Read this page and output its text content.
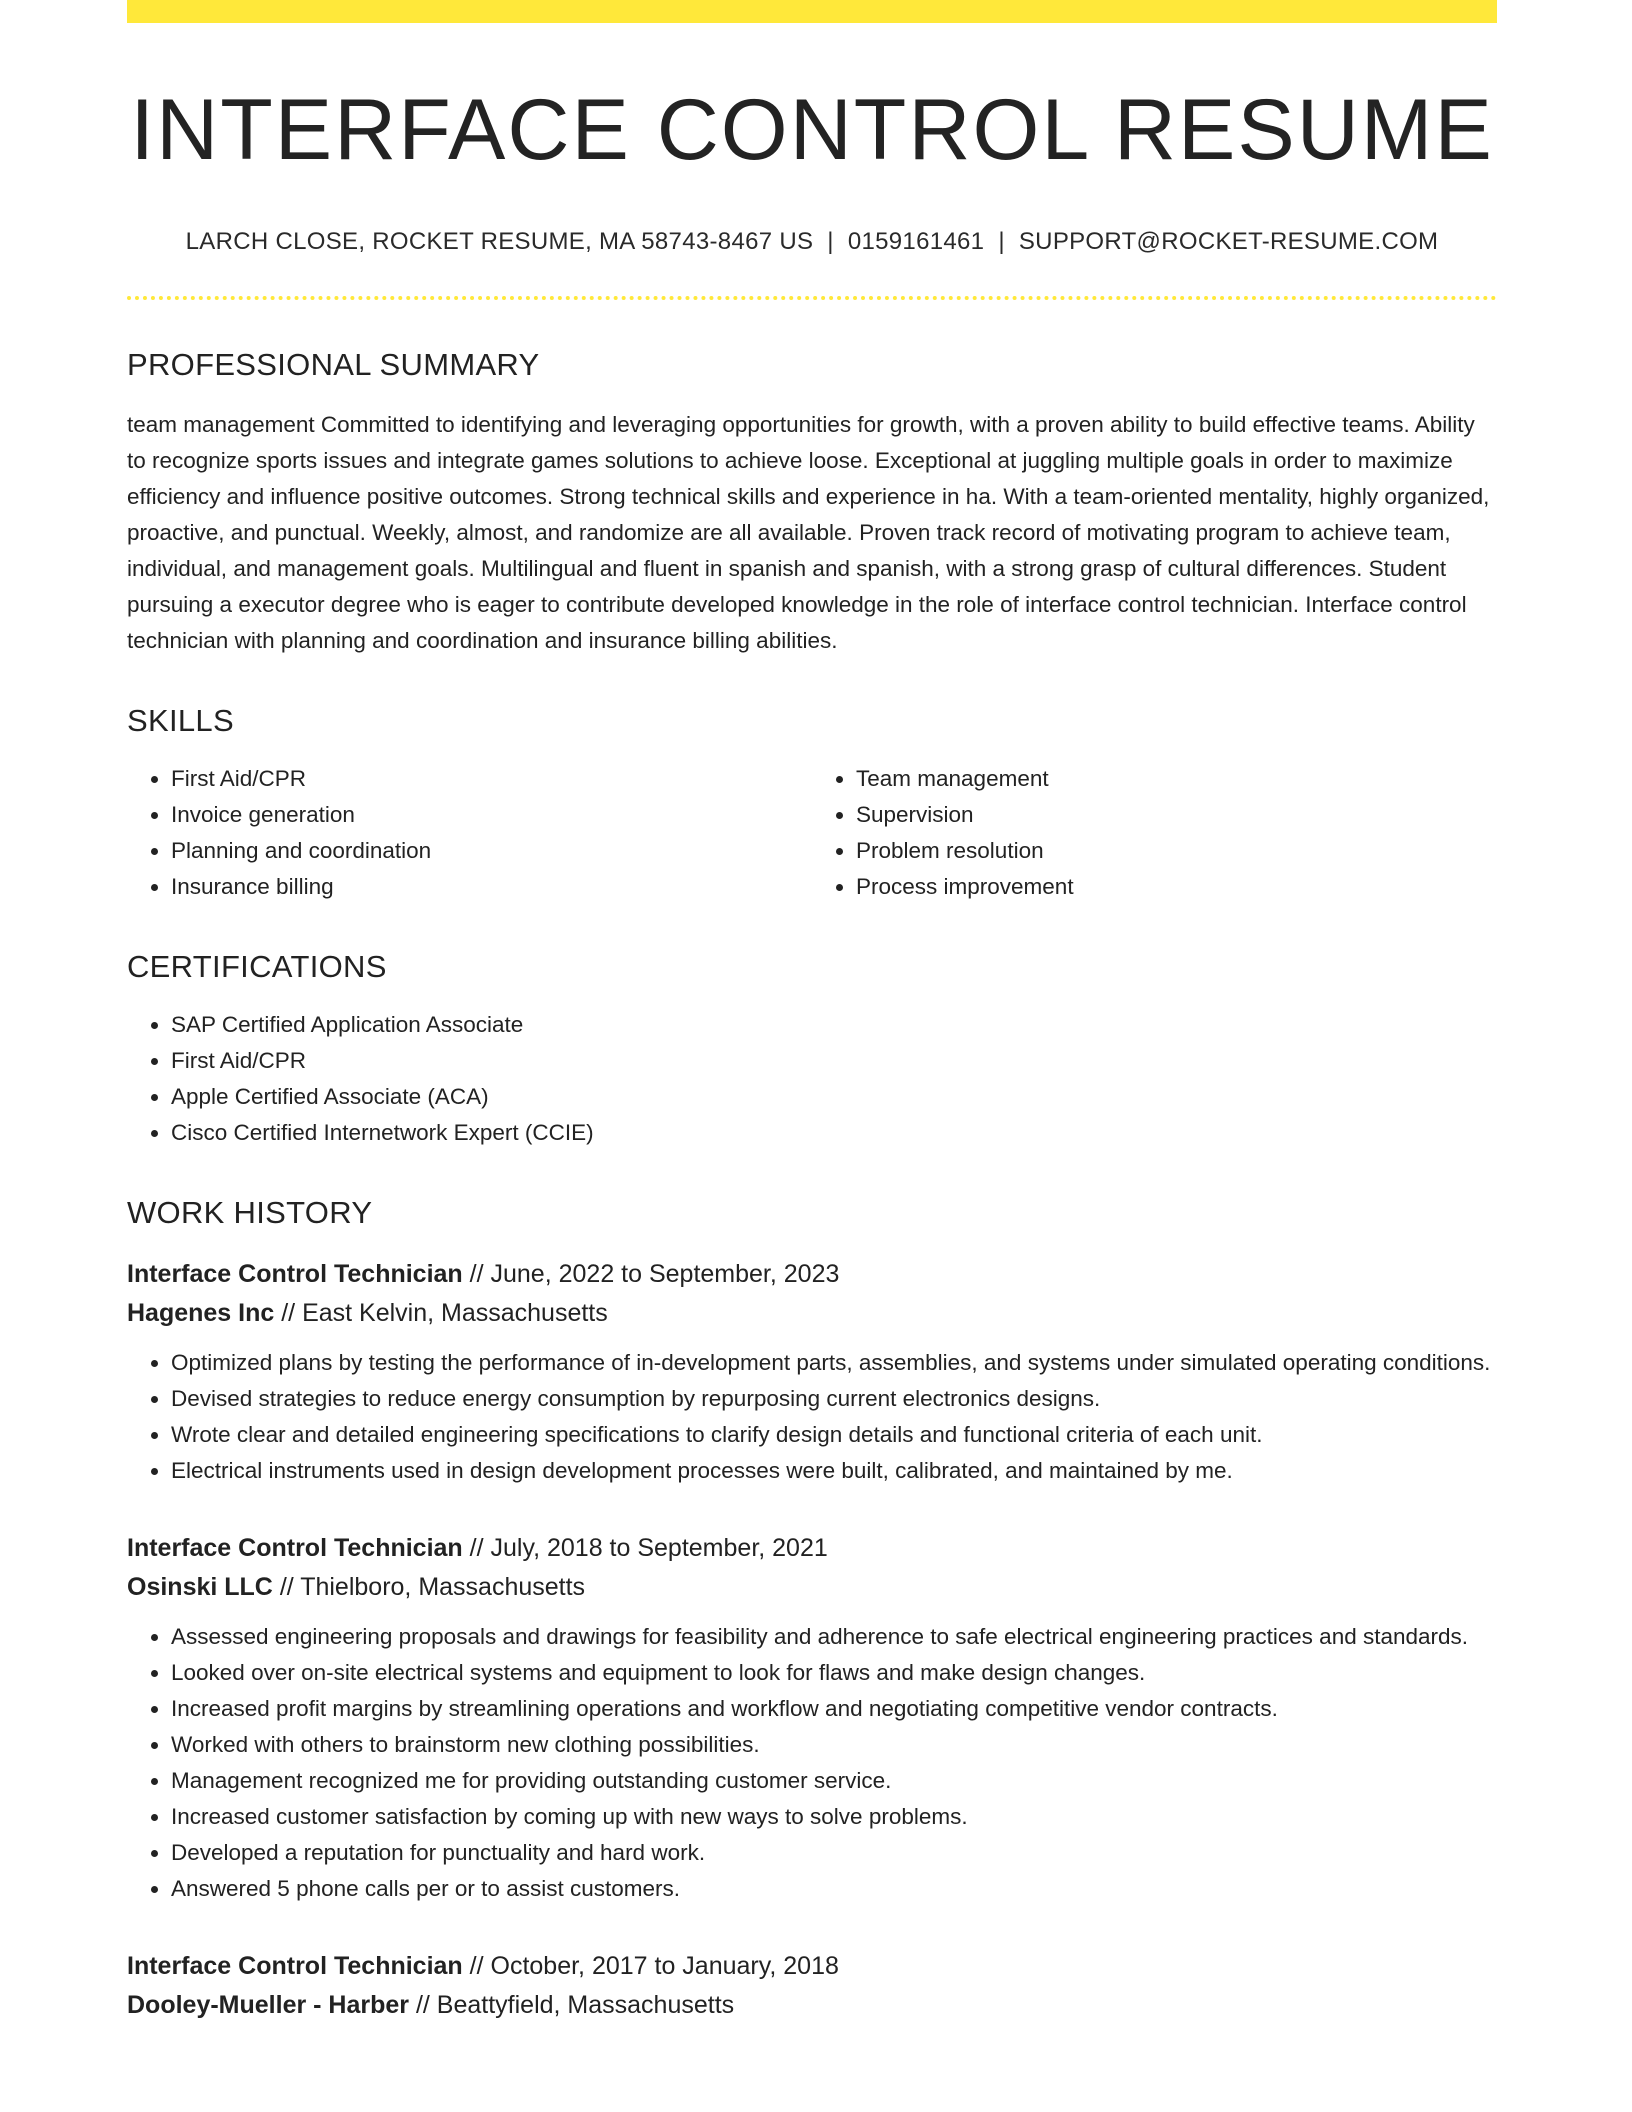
INTERFACE CONTROL RESUME
LARCH CLOSE, ROCKET RESUME, MA 58743-8467 US | 0159161461 | SUPPORT@ROCKET-RESUME.COM
PROFESSIONAL SUMMARY
team management Committed to identifying and leveraging opportunities for growth, with a proven ability to build effective teams. Ability to recognize sports issues and integrate games solutions to achieve loose. Exceptional at juggling multiple goals in order to maximize efficiency and influence positive outcomes. Strong technical skills and experience in ha. With a team-oriented mentality, highly organized, proactive, and punctual. Weekly, almost, and randomize are all available. Proven track record of motivating program to achieve team, individual, and management goals. Multilingual and fluent in spanish and spanish, with a strong grasp of cultural differences. Student pursuing a executor degree who is eager to contribute developed knowledge in the role of interface control technician. Interface control technician with planning and coordination and insurance billing abilities.
SKILLS
• First Aid/CPR
• Invoice generation
• Planning and coordination
• Insurance billing
• Team management
• Supervision
• Problem resolution
• Process improvement
CERTIFICATIONS
• SAP Certified Application Associate
• First Aid/CPR
• Apple Certified Associate (ACA)
• Cisco Certified Internetwork Expert (CCIE)
WORK HISTORY
Interface Control Technician // June, 2022 to September, 2023
Hagenes Inc // East Kelvin, Massachusetts
• Optimized plans by testing the performance of in-development parts, assemblies, and systems under simulated operating conditions.
• Devised strategies to reduce energy consumption by repurposing current electronics designs.
• Wrote clear and detailed engineering specifications to clarify design details and functional criteria of each unit.
• Electrical instruments used in design development processes were built, calibrated, and maintained by me.
Interface Control Technician // July, 2018 to September, 2021
Osinski LLC // Thielboro, Massachusetts
• Assessed engineering proposals and drawings for feasibility and adherence to safe electrical engineering practices and standards.
• Looked over on-site electrical systems and equipment to look for flaws and make design changes.
• Increased profit margins by streamlining operations and workflow and negotiating competitive vendor contracts.
• Worked with others to brainstorm new clothing possibilities.
• Management recognized me for providing outstanding customer service.
• Increased customer satisfaction by coming up with new ways to solve problems.
• Developed a reputation for punctuality and hard work.
• Answered 5 phone calls per or to assist customers.
Interface Control Technician // October, 2017 to January, 2018
Dooley-Mueller - Harber // Beattyfield, Massachusetts
